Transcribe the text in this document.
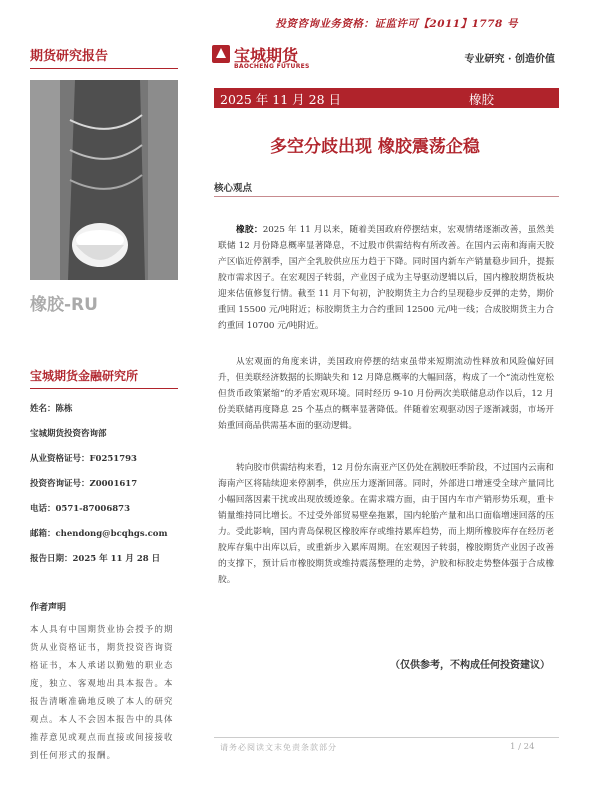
投资咨询业务资格：证监许可【2011】1778 号
期货研究报告
橡胶-RU
宝城期货金融研究所
姓名：陈栋
宝城期货投资咨询部
从业资格证号：F0251793
投资咨询证号：Z0001617
电话：0571-87006873
邮箱：chendong@bcqhgs.com
报告日期：2025 年 11 月 28 日
作者声明
本人具有中国期货业协会授予的期货从业资格证书，期货投资咨询资格证书，本人承诺以勤勉的职业态度，独立、客观地出具本报告。本报告清晰准确地反映了本人的研究观点。本人不会因本报告中的具体推荐意见或观点而直接或间接接收到任何形式的报酬。
宝城期货
BAOCHENG FUTURES
专业研究 · 创造价值
2025 年 11 月 28 日	橡胶
多空分歧出现 橡胶震荡企稳
核心观点

橡胶：2025 年 11 月以来，随着美国政府停摆结束，宏观情绪逐渐改善，虽然美联储 12 月份降息概率显著降息，不过股市供需结构有所改善。在国内云南和海南天胶产区临近停割季，国产全乳胶供应压力趋于下降。同时国内新车产销量稳步回升，提振胶市需求因子。在宏观因子转弱，产业因子成为主导驱动逻辑以后，国内橡胶期货板块迎来估值修复行情。截至 11 月下旬初，沪胶期货主力合约呈现稳步反弹的走势，期价重回 15500 元/吨附近；标胶期货主力合约重回 12500 元/吨一线；合成胶期货主力合约重回 10700 元/吨附近。

从宏观面的角度来讲，美国政府停摆的结束虽带来短期流动性释放和风险偏好回升，但美联经济数据的长期缺失和 12 月降息概率的大幅回落，构成了一个“流动性宽松但货币政策紧缩”的矛盾宏观环境。同时经历 9-10 月份两次美联储息动作以后，12 月份美联储再度降息 25 个基点的概率显著降低。伴随着宏观驱动因子逐渐减弱，市场开始重回商品供需基本面的驱动逻辑。

转向胶市供需结构来看，12 月份东南亚产区仍处在割胶旺季阶段，不过国内云南和海南产区将陆续迎来停割季，供应压力逐渐回落。同时，外部进口增速受全球产量同比小幅回落因素干扰或出现放缓迹象。在需求端方面，由于国内车市产销形势乐观，重卡销量维持同比增长。不过受外部贸易壁垒拖累，国内轮胎产量和出口面临增速回落的压力。受此影响，国内青岛保税区橡胶库存或维持累库趋势，而上期所橡胶库存在经历老胶库存集中出库以后，或重新步入累库周期。在宏观因子转弱，橡胶期货产业因子改善的支撑下，预计后市橡胶期货或维持震荡整理的走势，沪胶和标胶走势整体强于合成橡胶。

（仅供参考，不构成任何投资建议）
请务必阅读文末免责条款部分	1 / 24
